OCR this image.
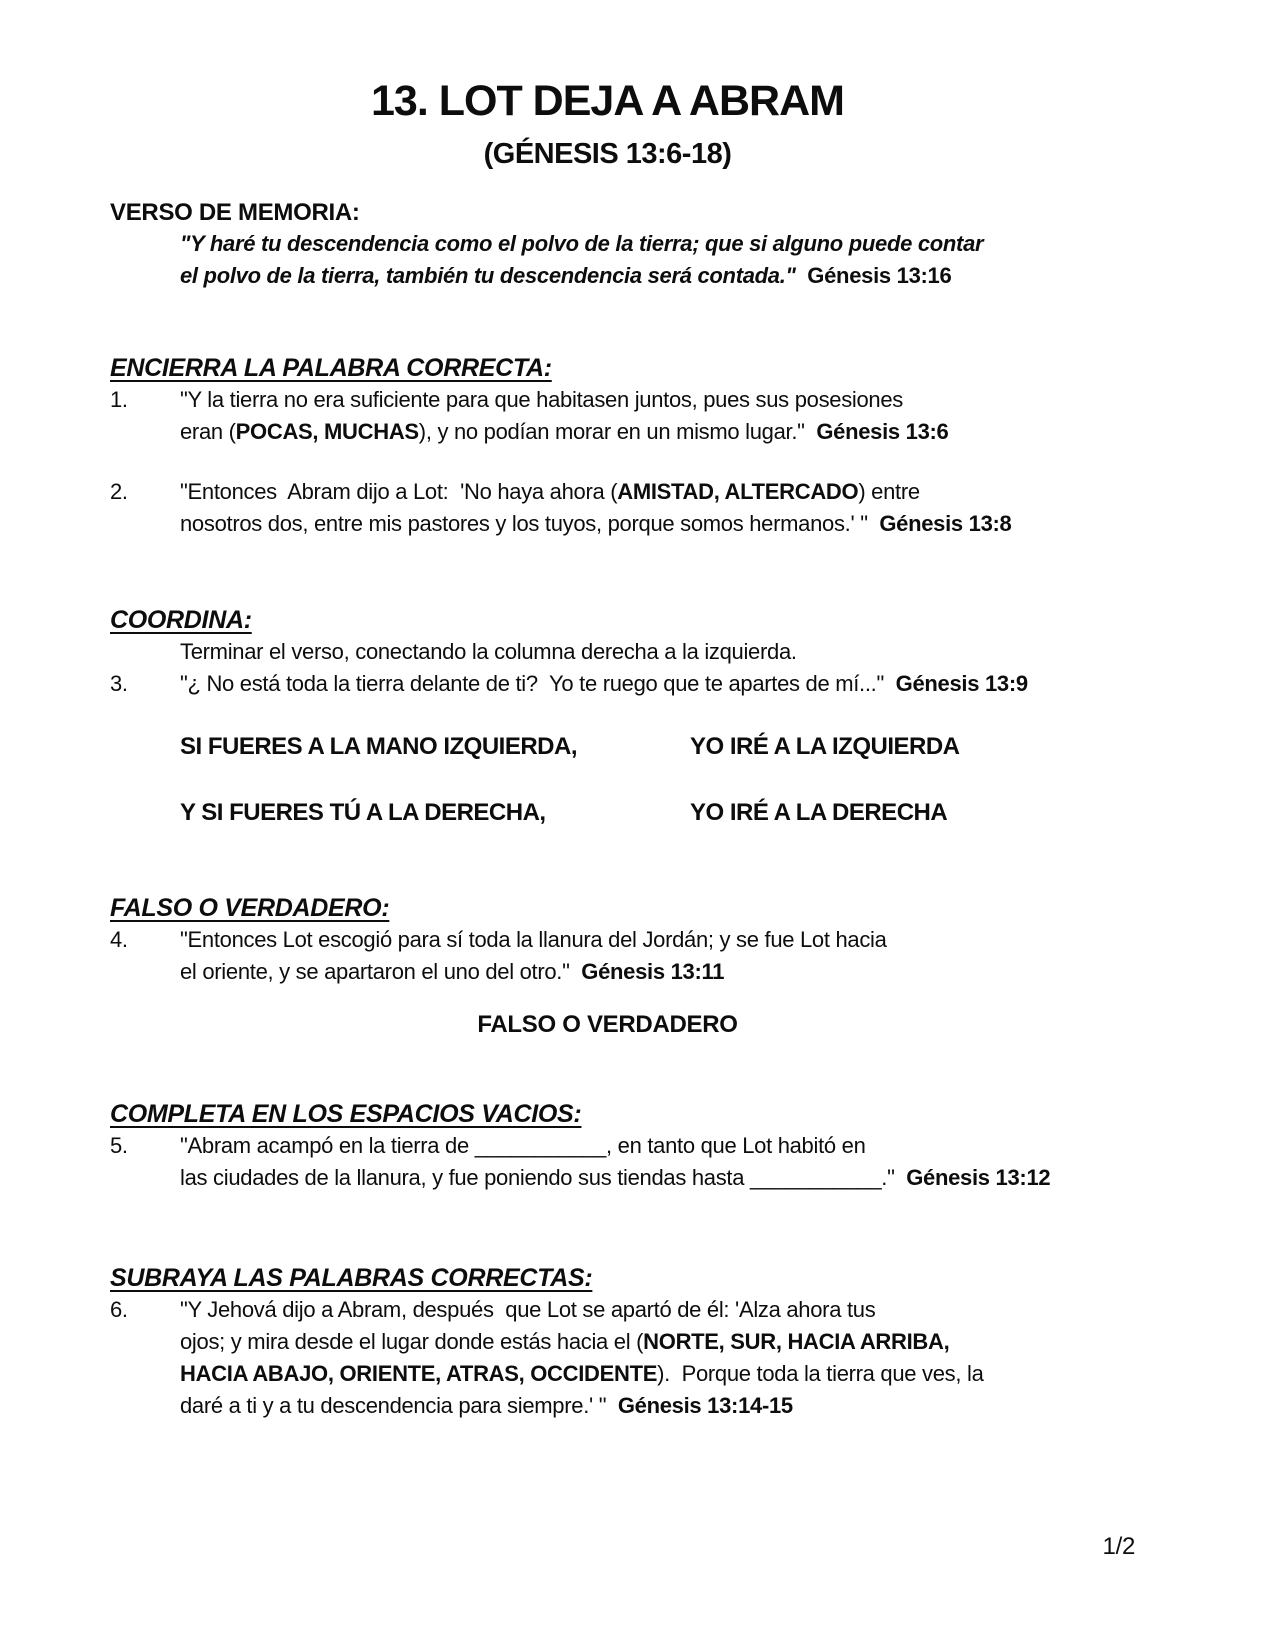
13. LOT DEJA A ABRAM
(GÉNESIS 13:6-18)
VERSO DE MEMORIA:
"Y haré tu descendencia como el polvo de la tierra; que si alguno puede contar
el polvo de la tierra, también tu descendencia será contada."  Génesis 13:16
ENCIERRA LA PALABRA CORRECTA:
1.	"Y la tierra no era suficiente para que habitasen juntos, pues sus posesiones
eran (POCAS, MUCHAS), y no podían morar en un mismo lugar."  Génesis 13:6
2.	"Entonces  Abram dijo a Lot:  'No haya ahora (AMISTAD, ALTERCADO) entre
nosotros dos, entre mis pastores y los tuyos, porque somos hermanos.' "  Génesis 13:8
COORDINA:
Terminar el verso, conectando la columna derecha a la izquierda.
3.	"¿ No está toda la tierra delante de ti?  Yo te ruego que te apartes de mí..."  Génesis 13:9
SI FUERES A LA MANO IZQUIERDA,	YO IRÉ A LA IZQUIERDA
Y SI FUERES TÚ A LA DERECHA,	YO IRÉ A LA DERECHA
FALSO O VERDADERO:
4.	"Entonces Lot escogió para sí toda la llanura del Jordán; y se fue Lot hacia
el oriente, y se apartaron el uno del otro."  Génesis 13:11
FALSO O VERDADERO
COMPLETA EN LOS ESPACIOS VACIOS:
5.	"Abram acampó en la tierra de ___________, en tanto que Lot habitó en
las ciudades de la llanura, y fue poniendo sus tiendas hasta ___________."  Génesis 13:12
SUBRAYA LAS PALABRAS CORRECTAS:
6.	"Y Jehová dijo a Abram, después  que Lot se apartó de él: 'Alza ahora tus
ojos; y mira desde el lugar donde estás hacia el (NORTE, SUR, HACIA ARRIBA,
HACIA ABAJO, ORIENTE, ATRAS, OCCIDENTE).  Porque toda la tierra que ves, la
daré a ti y a tu descendencia para siempre.' "  Génesis 13:14-15
1/2
